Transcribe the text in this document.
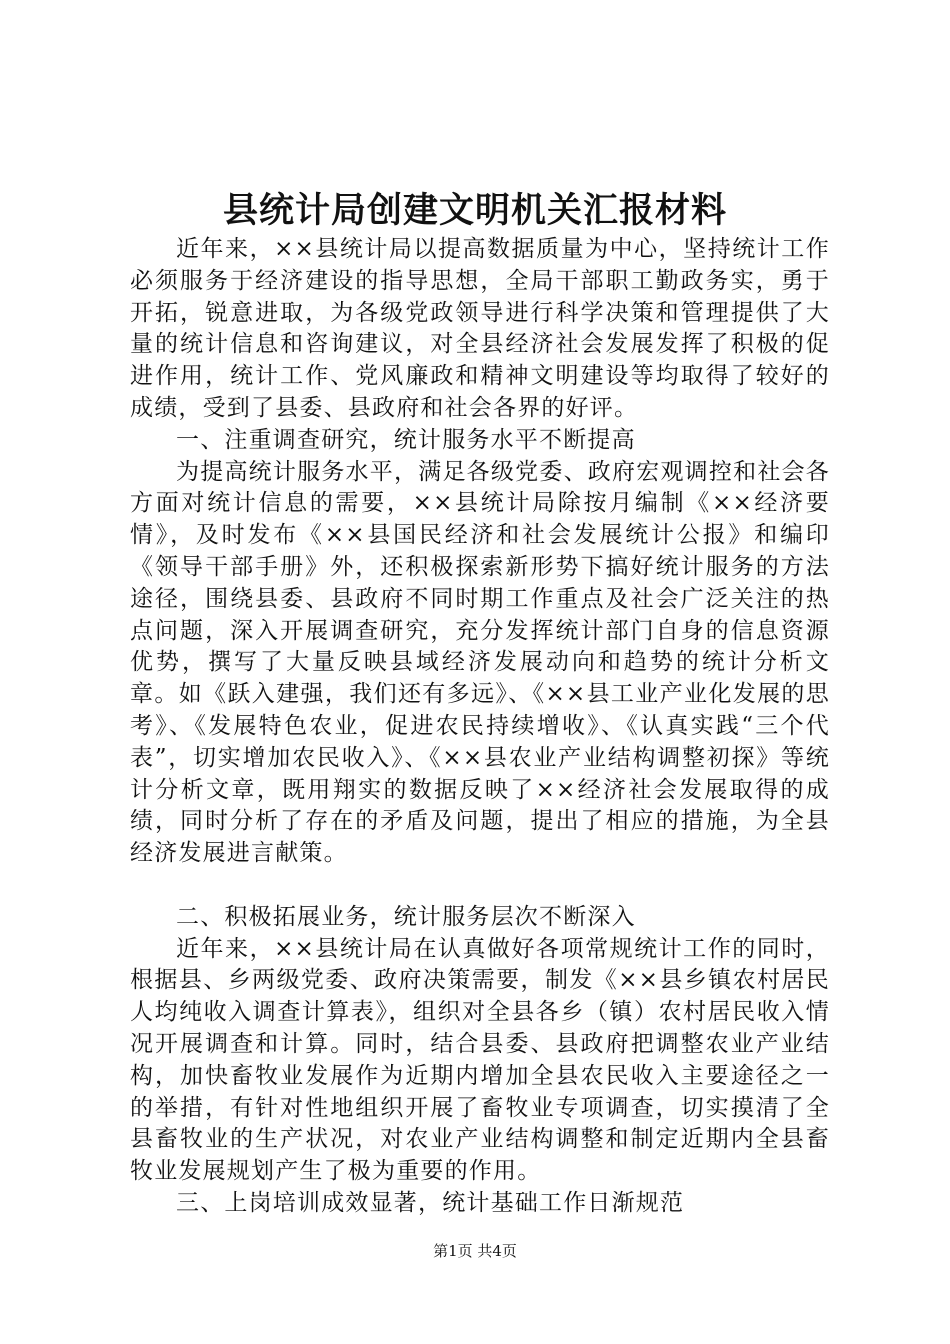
县统计局创建文明机关汇报材料

近年来，××县统计局以提高数据质量为中心，坚持统计工作必须服务于经济建设的指导思想，全局干部职工勤政务实，勇于开拓，锐意进取，为各级党政领导进行科学决策和管理提供了大量的统计信息和咨询建议，对全县经济社会发展发挥了积极的促进作用，统计工作、党风廉政和精神文明建设等均取得了较好的成绩，受到了县委、县政府和社会各界的好评。

一、注重调查研究，统计服务水平不断提高

为提高统计服务水平，满足各级党委、政府宏观调控和社会各方面对统计信息的需要，××县统计局除按月编制《××经济要情》，及时发布《××县国民经济和社会发展统计公报》和编印《领导干部手册》外，还积极探索新形势下搞好统计服务的方法途径，围绕县委、县政府不同时期工作重点及社会广泛关注的热点问题，深入开展调查研究，充分发挥统计部门自身的信息资源优势，撰写了大量反映县域经济发展动向和趋势的统计分析文章。如《跃入建强，我们还有多远》、《××县工业产业化发展的思考》、《发展特色农业，促进农民持续增收》、《认真实践“三个代表”，切实增加农民收入》、《××县农业产业结构调整初探》等统计分析文章，既用翔实的数据反映了××经济社会发展取得的成绩，同时分析了存在的矛盾及问题，提出了相应的措施，为全县经济发展进言献策。

二、积极拓展业务，统计服务层次不断深入

近年来，××县统计局在认真做好各项常规统计工作的同时，根据县、乡两级党委、政府决策需要，制发《××县乡镇农村居民人均纯收入调查计算表》，组织对全县各乡（镇）农村居民收入情况开展调查和计算。同时，结合县委、县政府把调整农业产业结构，加快畜牧业发展作为近期内增加全县农民收入主要途径之一的举措，有针对性地组织开展了畜牧业专项调查，切实摸清了全县畜牧业的生产状况，对农业产业结构调整和制定近期内全县畜牧业发展规划产生了极为重要的作用。

三、上岗培训成效显著，统计基础工作日渐规范

第1页 共4页
